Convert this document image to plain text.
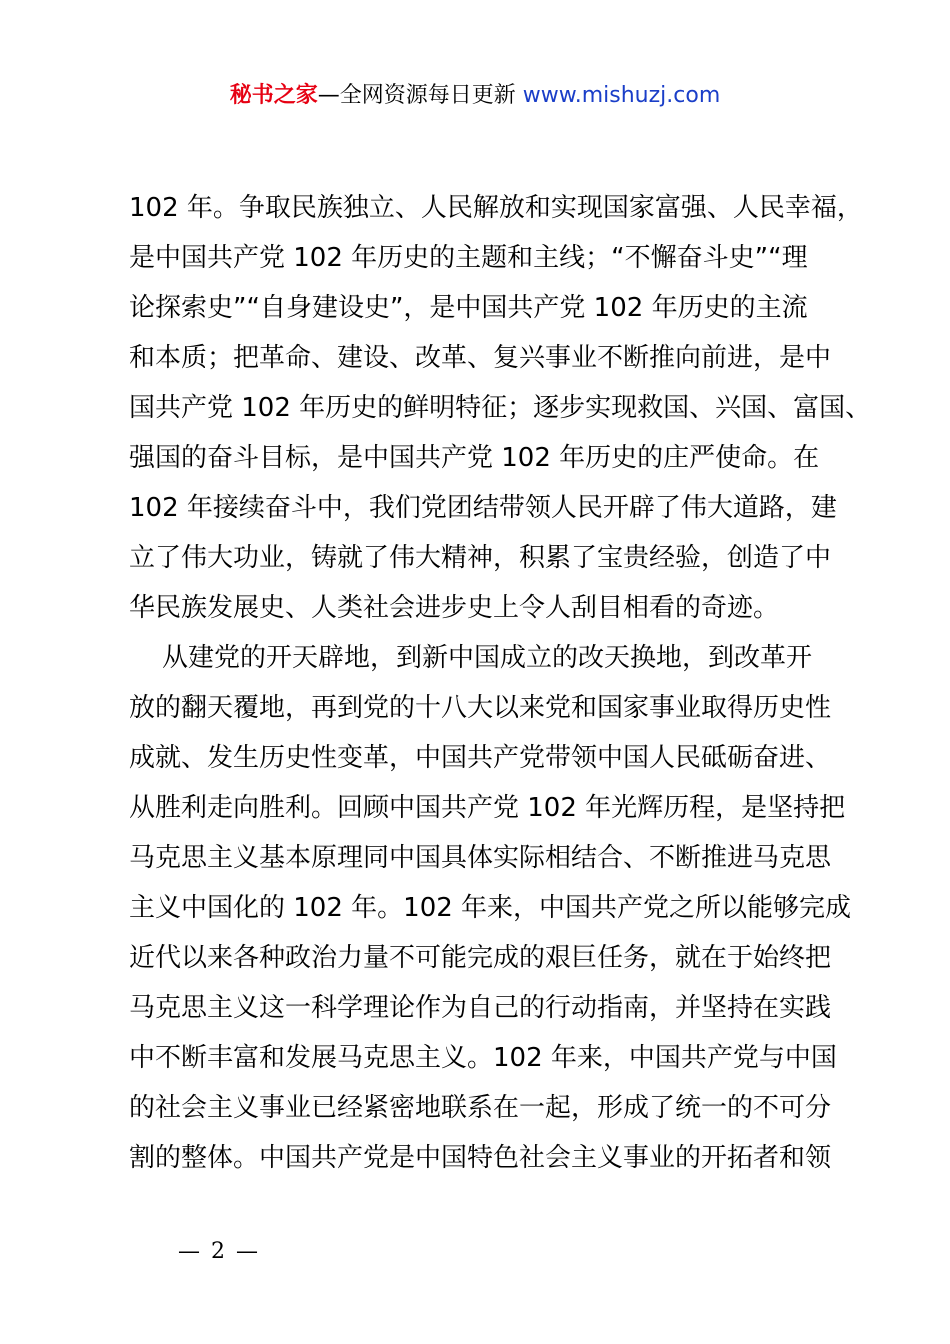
秘书之家—全网资源每日更新 www.mishuzj.com
102 年。争取民族独立、人民解放和实现国家富强、人民幸福，
是中国共产党 102 年历史的主题和主线；“不懈奋斗史”“理
论探索史”“自身建设史”，是中国共产党 102 年历史的主流
和本质；把革命、建设、改革、复兴事业不断推向前进，是中
国共产党 102 年历史的鲜明特征；逐步实现救国、兴国、富国、
强国的奋斗目标，是中国共产党 102 年历史的庄严使命。在
102 年接续奋斗中，我们党团结带领人民开辟了伟大道路，建
立了伟大功业，铸就了伟大精神，积累了宝贵经验，创造了中
华民族发展史、人类社会进步史上令人刮目相看的奇迹。
从建党的开天辟地，到新中国成立的改天换地，到改革开
放的翻天覆地，再到党的十八大以来党和国家事业取得历史性
成就、发生历史性变革，中国共产党带领中国人民砥砺奋进、
从胜利走向胜利。回顾中国共产党 102 年光辉历程，是坚持把
马克思主义基本原理同中国具体实际相结合、不断推进马克思
主义中国化的 102 年。102 年来，中国共产党之所以能够完成
近代以来各种政治力量不可能完成的艰巨任务，就在于始终把
马克思主义这一科学理论作为自己的行动指南，并坚持在实践
中不断丰富和发展马克思主义。102 年来，中国共产党与中国
的社会主义事业已经紧密地联系在一起，形成了统一的不可分
割的整体。中国共产党是中国特色社会主义事业的开拓者和领
— 2 —
